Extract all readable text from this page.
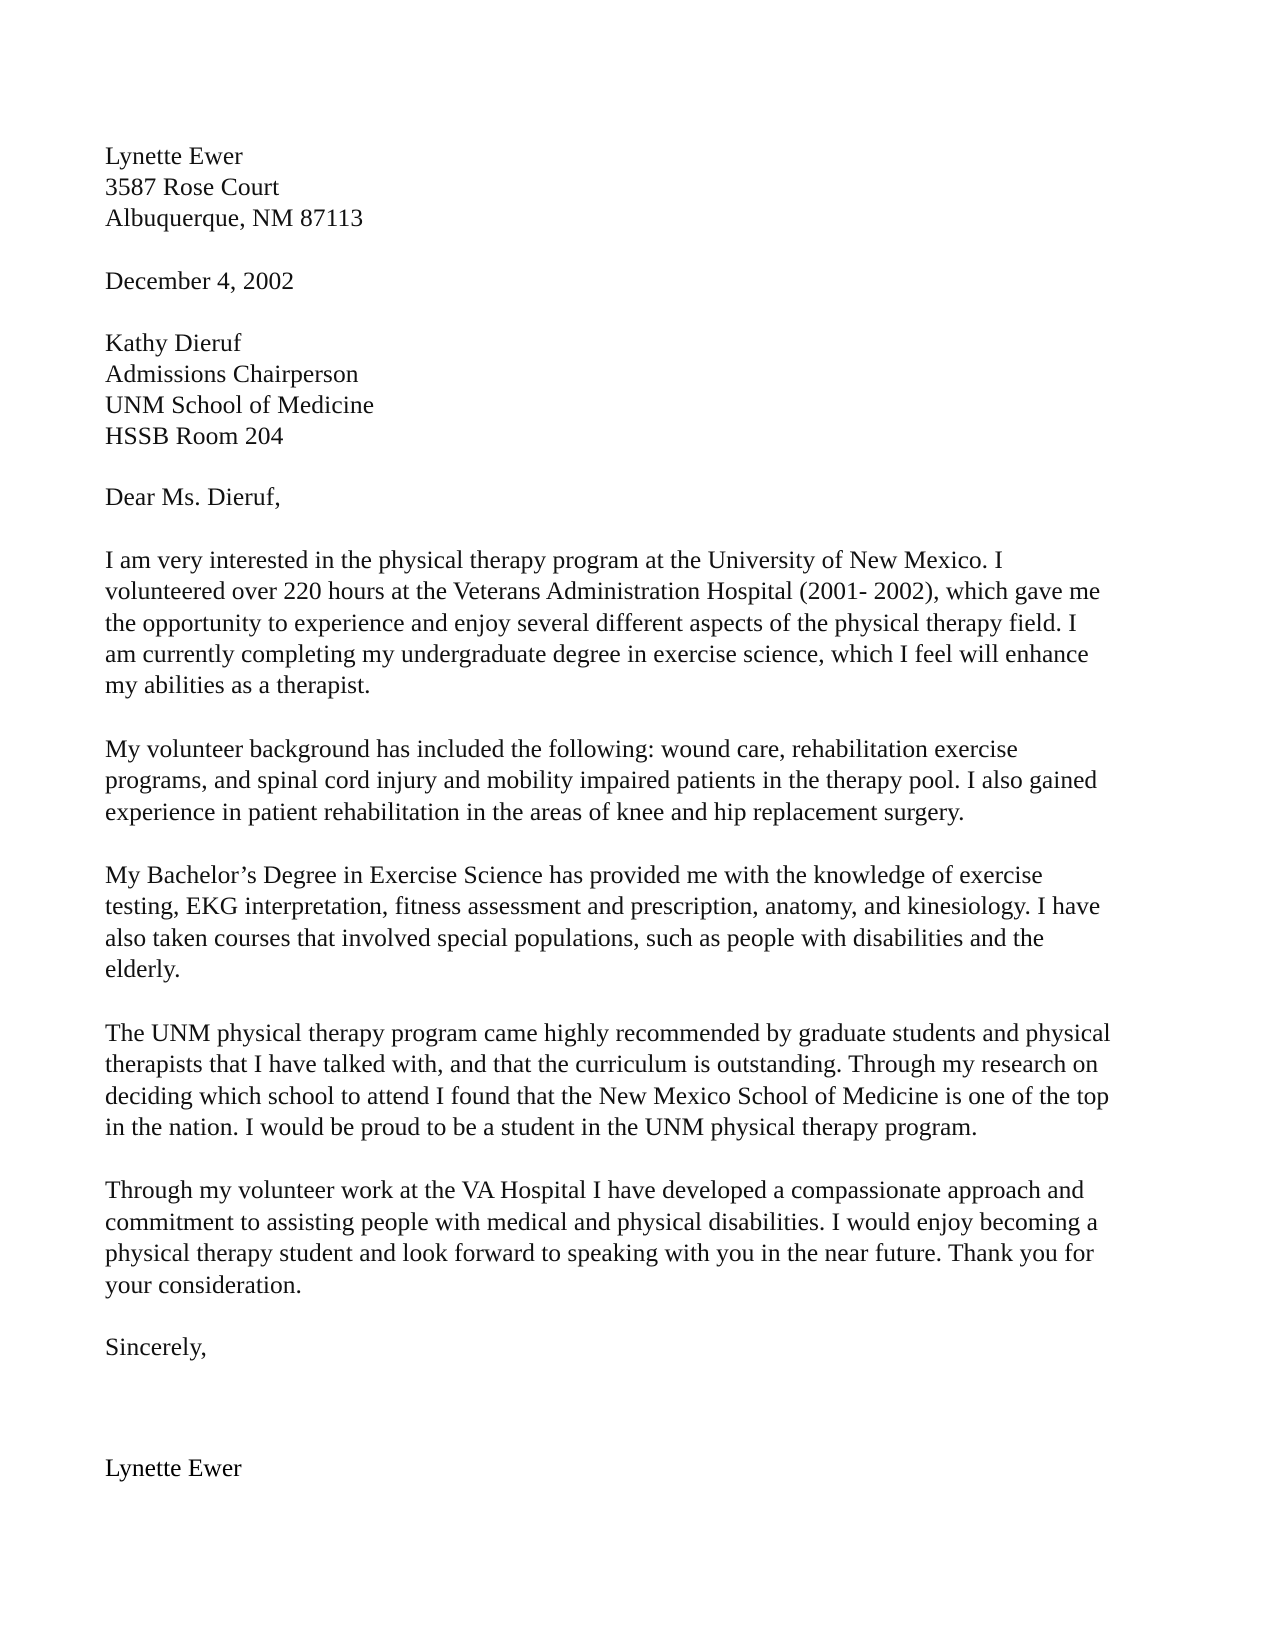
Lynette Ewer
3587 Rose Court
Albuquerque, NM 87113
December 4, 2002
Kathy Dieruf
Admissions Chairperson
UNM School of Medicine
HSSB Room 204
Dear Ms. Dieruf,

I am very interested in the physical therapy program at the University of New Mexico. I volunteered over 220 hours at the Veterans Administration Hospital (2001- 2002), which gave me the opportunity to experience and enjoy several different aspects of the physical therapy field. I am currently completing my undergraduate degree in exercise science, which I feel will enhance my abilities as a therapist.

My volunteer background has included the following: wound care, rehabilitation exercise programs, and spinal cord injury and mobility impaired patients in the therapy pool. I also gained experience in patient rehabilitation in the areas of knee and hip replacement surgery.

My Bachelor’s Degree in Exercise Science has provided me with the knowledge of exercise testing, EKG interpretation, fitness assessment and prescription, anatomy, and kinesiology. I have also taken courses that involved special populations, such as people with disabilities and the elderly.

The UNM physical therapy program came highly recommended by graduate students and physical therapists that I have talked with, and that the curriculum is outstanding. Through my research on deciding which school to attend I found that the New Mexico School of Medicine is one of the top in the nation. I would be proud to be a student in the UNM physical therapy program.

Through my volunteer work at the VA Hospital I have developed a compassionate approach and commitment to assisting people with medical and physical disabilities. I would enjoy becoming a physical therapy student and look forward to speaking with you in the near future. Thank you for your consideration.

Sincerely,
Lynette Ewer
